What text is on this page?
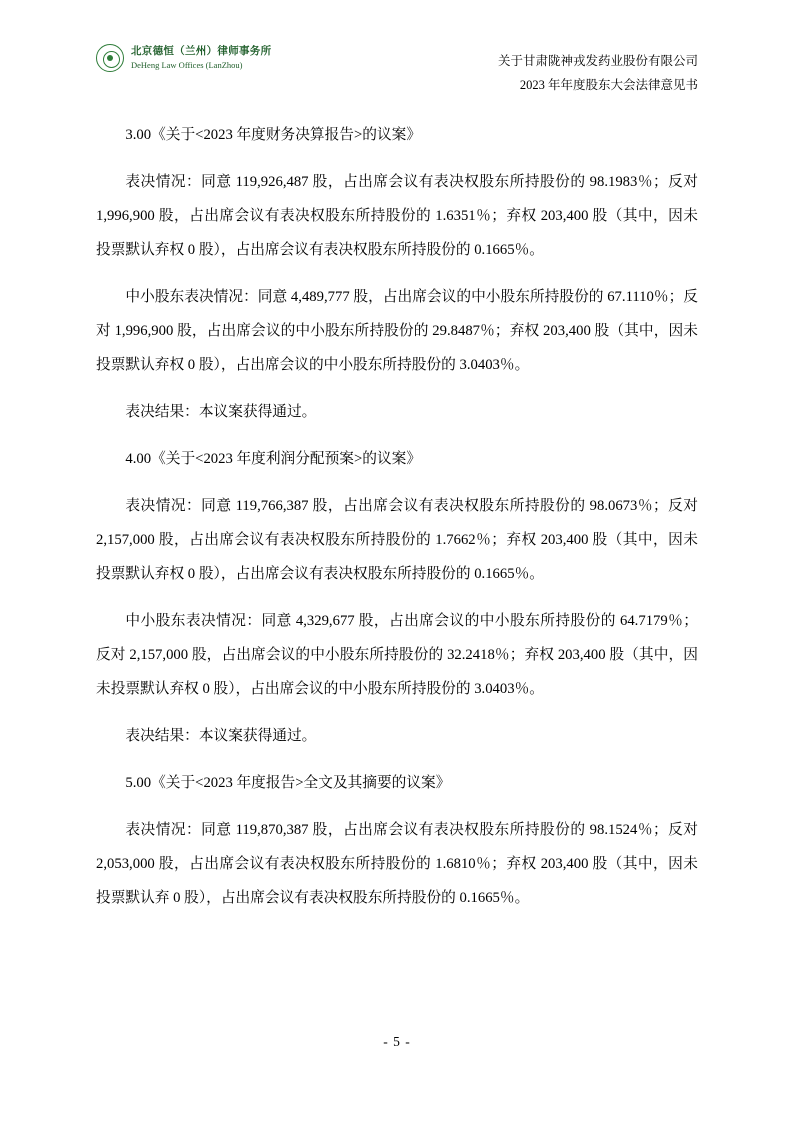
北京德恒（兰州）律师事务所
DeHeng Law Offices (LanZhou)	关于甘肃陇神戎发药业股份有限公司
2023 年年度股东大会法律意见书

3.00《关于<2023 年度财务决算报告>的议案》

表决情况：同意 119,926,487 股，占出席会议有表决权股东所持股份的 98.1983％；反对 1,996,900 股，占出席会议有表决权股东所持股份的 1.6351％；弃权 203,400 股（其中，因未投票默认弃权 0 股），占出席会议有表决权股东所持股份的 0.1665％。

中小股东表决情况：同意 4,489,777 股，占出席会议的中小股东所持股份的 67.1110％；反对 1,996,900 股，占出席会议的中小股东所持股份的 29.8487％；弃权 203,400 股（其中，因未投票默认弃权 0 股），占出席会议的中小股东所持股份的 3.0403％。

表决结果：本议案获得通过。

4.00《关于<2023 年度利润分配预案>的议案》

表决情况：同意 119,766,387 股，占出席会议有表决权股东所持股份的 98.0673％；反对 2,157,000 股，占出席会议有表决权股东所持股份的 1.7662％；弃权 203,400 股（其中，因未投票默认弃权 0 股），占出席会议有表决权股东所持股份的 0.1665％。

中小股东表决情况：同意 4,329,677 股，占出席会议的中小股东所持股份的 64.7179％；反对 2,157,000 股，占出席会议的中小股东所持股份的 32.2418％；弃权 203,400 股（其中，因未投票默认弃权 0 股），占出席会议的中小股东所持股份的 3.0403％。

表决结果：本议案获得通过。

5.00《关于<2023 年度报告>全文及其摘要的议案》

表决情况：同意 119,870,387 股，占出席会议有表决权股东所持股份的 98.1524％；反对 2,053,000 股，占出席会议有表决权股东所持股份的 1.6810％；弃权 203,400 股（其中，因未投票默认弃 0 股），占出席会议有表决权股东所持股份的 0.1665％。

- 5 -
